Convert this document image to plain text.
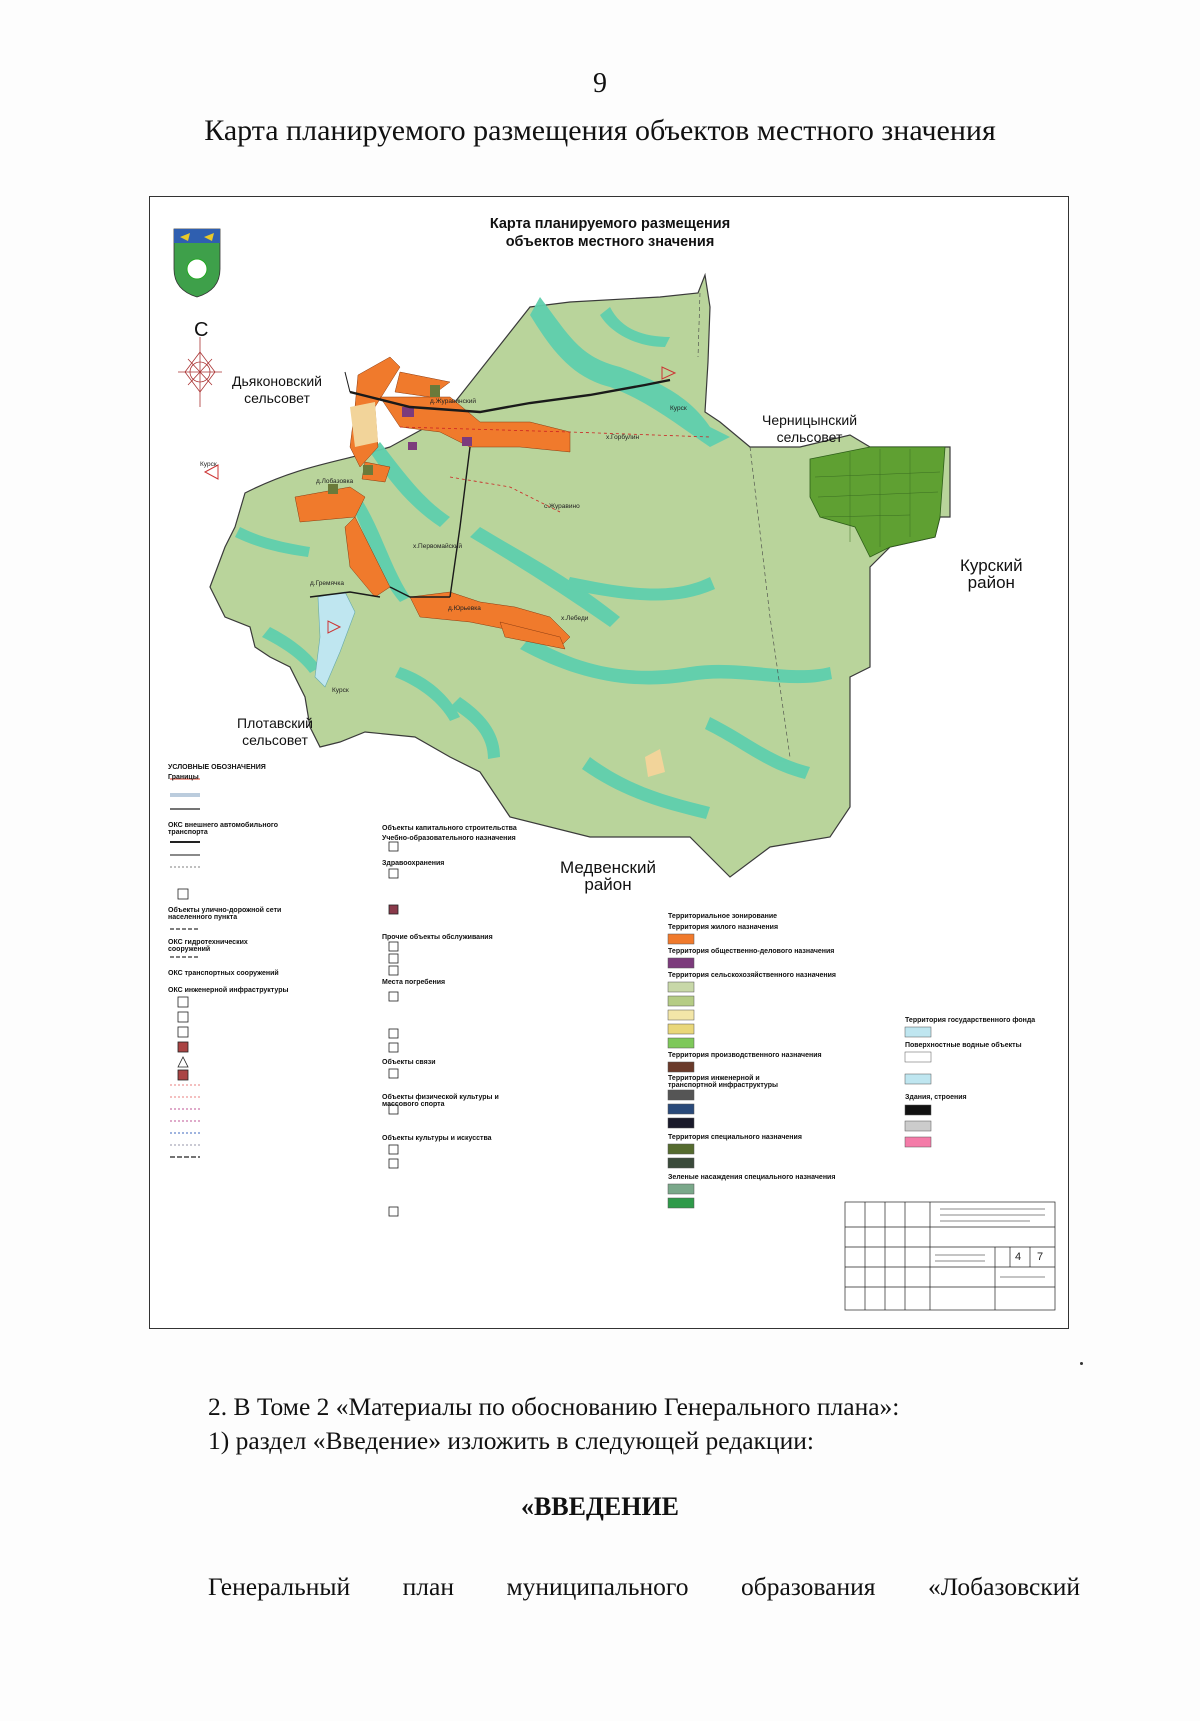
9
Карта планируемого размещения объектов местного значения
Карта планируемого размещения
объектов местного значения
С
Дьяконовский
сельсовет
Черницынский
сельсовет
Курский
район
Плотавский
сельсовет
Медвенский
район
д.Журавинский
х.Горбулин
д.Лобазовка
с.Журавино
х.Первомайский
д.Гремячка
д.Юрьевка
х.Лебеди
Курск
Курск
Курск
УСЛОВНЫЕ ОБОЗНАЧЕНИЯ
Границы
ОКС внешнего автомобильного транспорта
Объекты улично-дорожной сети населенного пункта
ОКС гидротехнических сооружений
ОКС транспортных сооружений
ОКС инженерной инфраструктуры
Объекты капитального строительства
Учебно-образовательного назначения
Здравоохранения
Прочие объекты обслуживания
Места погребения
Объекты связи
Объекты физической культуры и массового спорта
Объекты культуры и искусства
Территориальное зонирование
Территория жилого назначения
Территория общественно-делового назначения
Территория сельскохозяйственного назначения
Территория производственного назначения
Территория инженерной и транспортной инфраструктуры
Территория специального назначения
Зеленые насаждения специального назначения
Территория государственного фонда
Поверхностные водные объекты
Здания, строения
4 7
2. В Томе 2 «Материалы по обоснованию Генерального плана»:
1) раздел «Введение» изложить в следующей редакции:
«ВВЕДЕНИЕ
Генеральный план муниципального образования «Лобазовский
